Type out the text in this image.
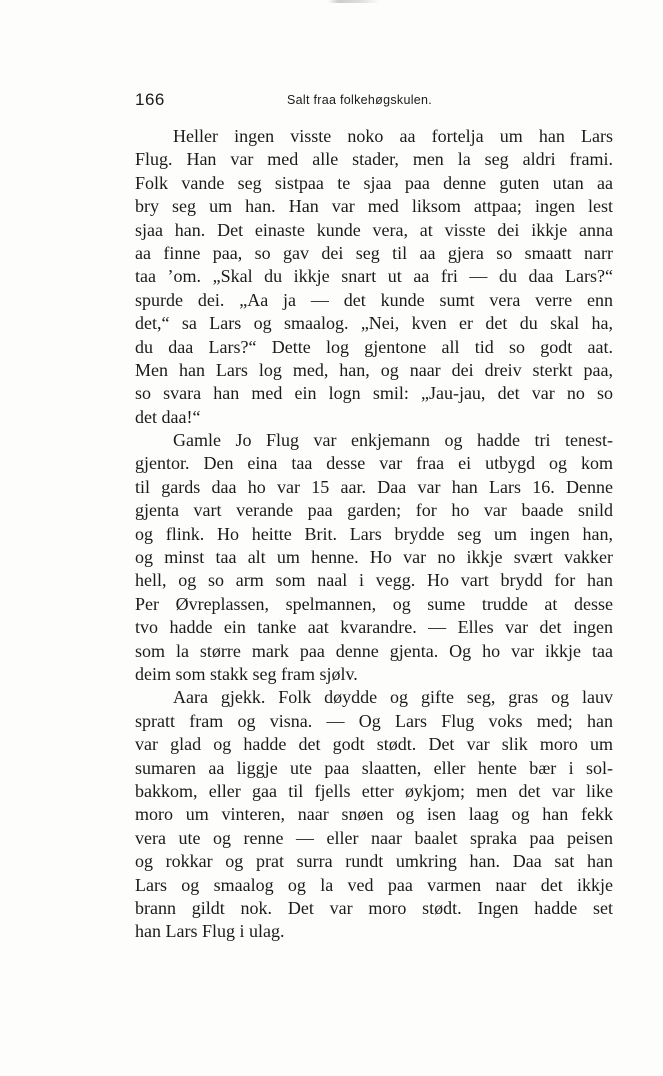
166	Salt fraa folkehøgskulen.

Heller ingen visste noko aa fortelja um han Lars
Flug. Han var med alle stader, men la seg aldri frami.
Folk vande seg sistpaa te sjaa paa denne guten utan aa
bry seg um han. Han var med liksom attpaa; ingen lest
sjaa han. Det einaste kunde vera, at visste dei ikkje anna
aa finne paa, so gav dei seg til aa gjera so smaatt narr
taa ’om. „Skal du ikkje snart ut aa fri — du daa Lars?“
spurde dei. „Aa ja — det kunde sumt vera verre enn
det,“ sa Lars og smaalog. „Nei, kven er det du skal ha,
du daa Lars?“ Dette log gjentone all tid so godt aat.
Men han Lars log med, han, og naar dei dreiv sterkt paa,
so svara han med ein logn smil: „Jau-jau, det var no so
det daa!“

Gamle Jo Flug var enkjemann og hadde tri tenest-
gjentor. Den eina taa desse var fraa ei utbygd og kom
til gards daa ho var 15 aar. Daa var han Lars 16. Denne
gjenta vart verande paa garden; for ho var baade snild
og flink. Ho heitte Brit. Lars brydde seg um ingen han,
og minst taa alt um henne. Ho var no ikkje svært vakker
hell, og so arm som naal i vegg. Ho vart brydd for han
Per Øvreplassen, spelmannen, og sume trudde at desse
tvo hadde ein tanke aat kvarandre. — Elles var det ingen
som la større mark paa denne gjenta. Og ho var ikkje taa
deim som stakk seg fram sjølv.

Aara gjekk. Folk døydde og gifte seg, gras og lauv
spratt fram og visna. — Og Lars Flug voks med; han
var glad og hadde det godt stødt. Det var slik moro um
sumaren aa liggje ute paa slaatten, eller hente bær i sol-
bakkom, eller gaa til fjells etter øykjom; men det var like
moro um vinteren, naar snøen og isen laag og han fekk
vera ute og renne — eller naar baalet spraka paa peisen
og rokkar og prat surra rundt umkring han. Daa sat han
Lars og smaalog og la ved paa varmen naar det ikkje
brann gildt nok. Det var moro stødt. Ingen hadde set
han Lars Flug i ulag.
